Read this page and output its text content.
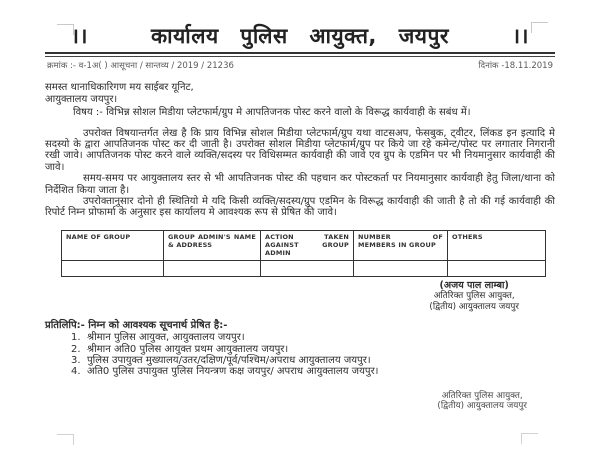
।।	कार्यालय पुलिस आयुक्त, जयपुर	।।
क्रमांक :- व-1अ( ) आसूचना / सान्तव्य / 2019 / 21236	दिनांक -18.11.2019
समस्त थानाधिकारिगण मय साईबर यूनिट,
आयुक्तालय जयपुर।
विषय :- विभिन्न सोशल मिडीया प्लेटफार्म/ग्रुप मे आपतिजनक पोस्ट करने वालो के विरूद्ध कार्यवाही के सबंध में।

उपरोक्त विषयान्तर्गत लेख है कि प्राय विभिन्न सोशल मिडीया प्लेटफार्म/ग्रुप यथा वाटसअप, फेसबुक, ट्वीटर, लिंकड इन इत्यादि मे सदस्यो के द्वारा आपतिजनक पोस्ट कर दी जाती है। उपरोक्त सोशल मिडीया प्लेटफार्म/ग्रुप पर किये जा रहे कमेन्ट/पोस्ट पर लगातार निगरानी रखी जावे। आपतिजनक पोस्ट करने वाले व्यक्ति/सदस्य पर विधिसम्मत कार्यवाही की जावे एव ग्रुप के एडमिन पर भी नियमानुसार कार्यवाही की जावे।

समय-समय पर आयुक्तालय स्तर से भी आपतिजनक पोस्ट की पहचान कर पोस्टकर्ता पर नियमानुसार कार्यवाही हेतु जिला/थाना को निर्देशित किया जाता है।

उपरोक्तानुसार दोनो ही स्थितियो मे यदि किसी व्यक्ति/सदस्य/ग्रुप एडमिन के विरूद्ध कार्यवाही की जाती है तो की गई कार्यवाही की रिपोर्ट निम्न प्रोफार्मा के अनुसार इस कार्यालय मे आवश्यक रूप से प्रेषित की जावे।

NAME OF GROUP	GROUP ADMIN'S NAME & ADDRESS	ACTION TAKEN AGAINST GROUP ADMIN	NUMBER OF MEMBERS IN GROUP	OTHERS

(अजय पाल लाम्बा)
अतिरिक्त पुलिस आयुक्त,
(द्वितीय) आयुक्तालय जयपुर

प्रतिलिपि:- निम्न को आवश्यक सूचनार्थ प्रेषित है:-

श्रीमान पुलिस आयुक्त, आयुक्तालय जयपुर।
श्रीमान अति0 पुलिस आयुक्त प्रथम आयुक्तालय जयपुर।
पुलिस उपायुक्त मुख्यालय/उतर/दक्षिण/पूर्व/पश्चिम/अपराध आयुक्तालय जयपुर।
अति0 पुलिस उपायुक्त पुलिस नियन्त्रण कक्ष जयपुर/ अपराध आयुक्तालय जयपुर।
अतिरिक्त पुलिस आयुक्त,
(द्वितीय) आयुक्तालय जयपुर
